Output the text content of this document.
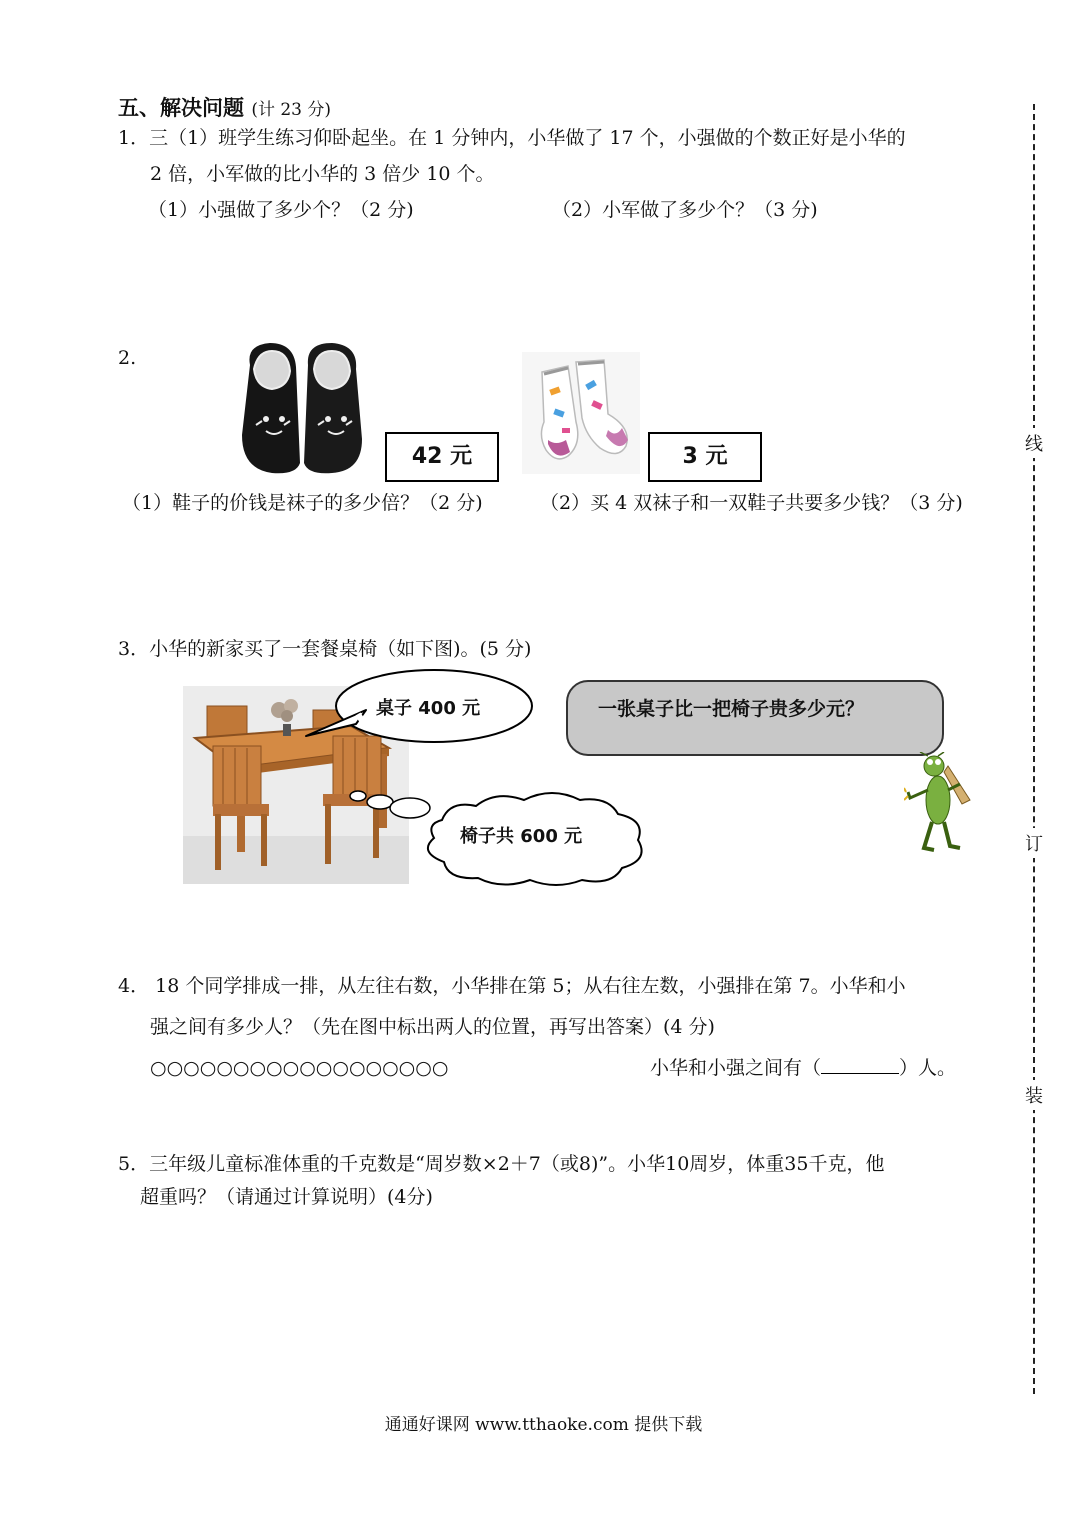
五、解决问题 (计 23 分)
1．三（1）班学生练习仰卧起坐。在 1 分钟内，小华做了 17 个，小强做的个数正好是小华的
2 倍，小军做的比小华的 3 倍少 10 个。
（1）小强做了多少个？（2 分)	（2）小军做了多少个？（3 分)
2.
42 元	3 元
（1）鞋子的价钱是袜子的多少倍？（2 分)	（2）买 4 双袜子和一双鞋子共要多少钱？（3 分)
3．小华的新家买了一套餐桌椅（如下图)。(5 分)
桌子 400 元
椅子共 600 元
一张桌子比一把椅子贵多少元？
4． 18 个同学排成一排，从左往右数，小华排在第 5；从右往左数，小强排在第 7。小华和小
强之间有多少人？（先在图中标出两人的位置，再写出答案）(4 分)
○○○○○○○○○○○○○○○○○○	小华和小强之间有（	）人。
5．三年级儿童标准体重的千克数是“周岁数×2＋7（或8)”。小华10周岁，体重35千克，他
超重吗？（请通过计算说明）(4分)
线
订
装
通通好课网 www.tthaoke.com 提供下载
